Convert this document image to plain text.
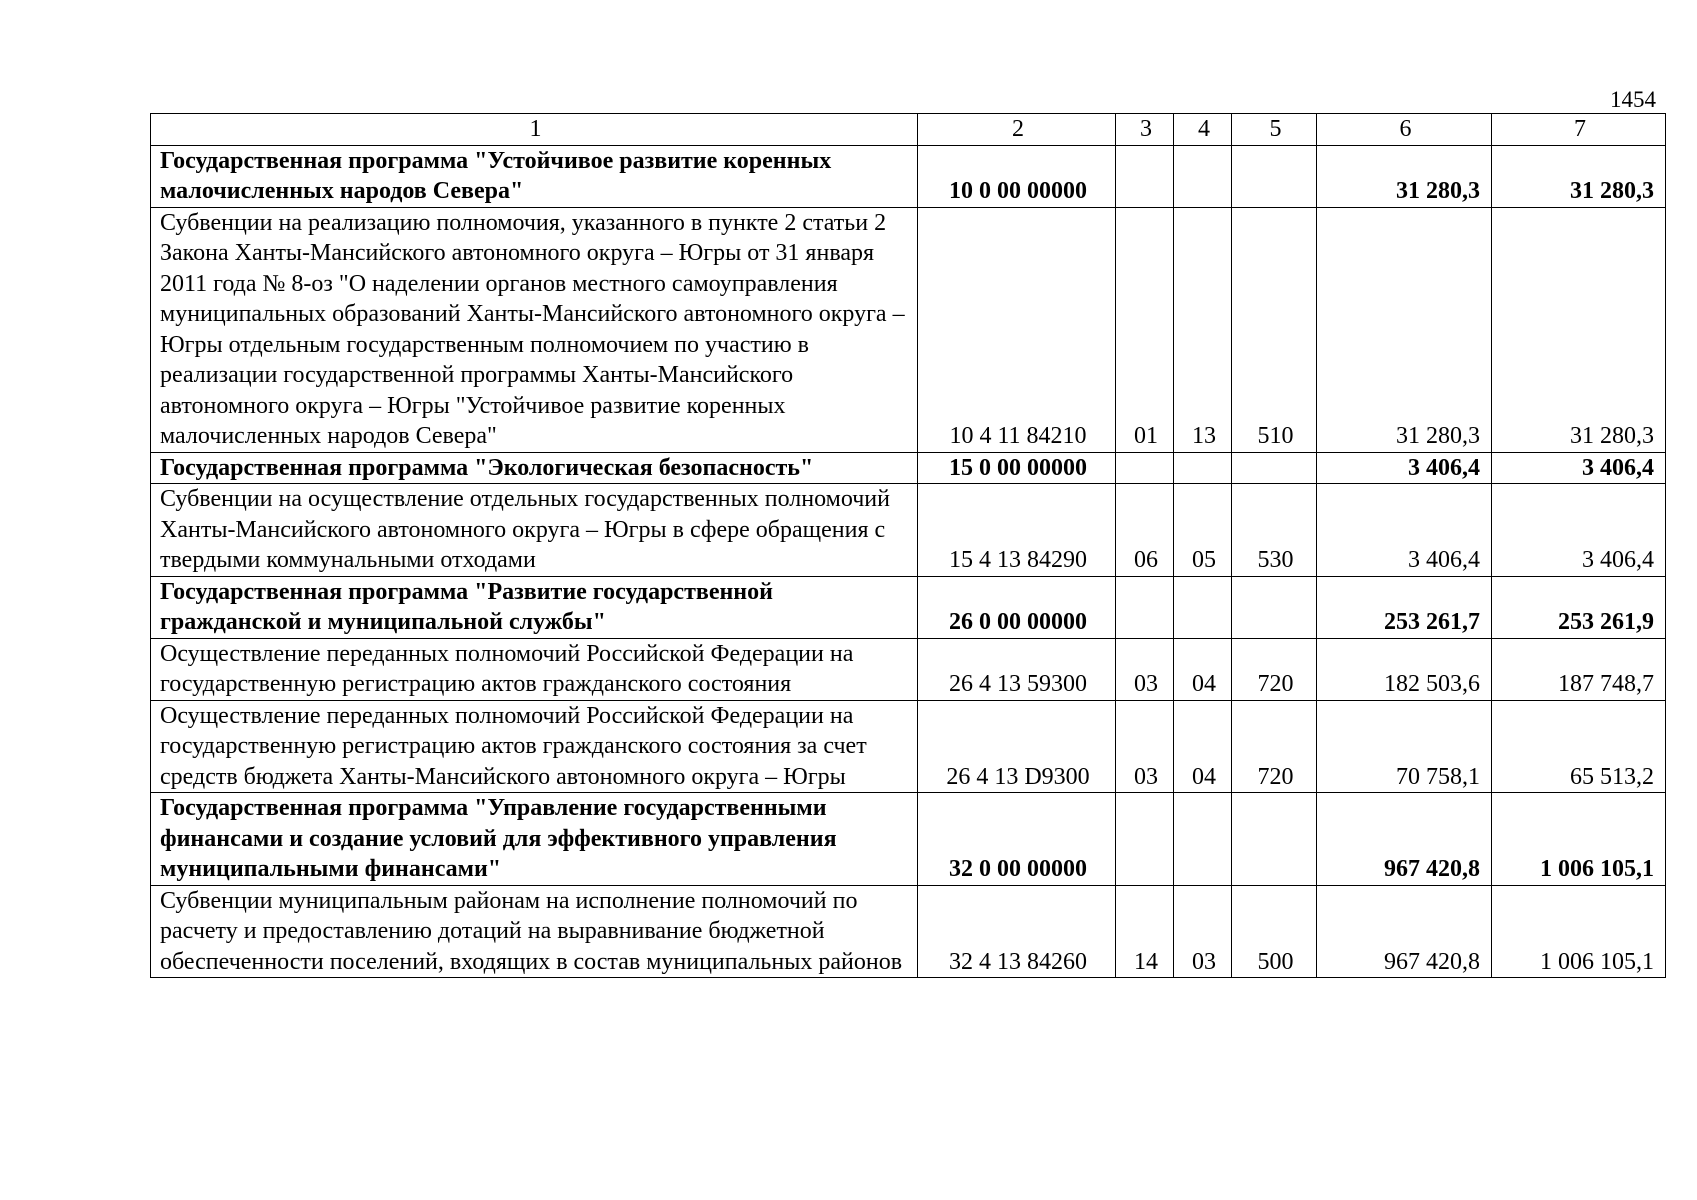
1454
1	2	3	4	5	6	7
Государственная программа "Устойчивое развитие коренных малочисленных народов Севера"	10 0 00 00000				31 280,3	31 280,3
Субвенции на реализацию полномочия, указанного в пункте 2 статьи 2 Закона Ханты-Мансийского автономного округа – Югры от 31 января 2011 года № 8-оз "О наделении органов местного самоуправления муниципальных образований Ханты-Мансийского автономного округа – Югры отдельным государственным полномочием по участию в реализации государственной программы Ханты-Мансийского автономного округа – Югры "Устойчивое развитие коренных малочисленных народов Севера"	10 4 11 84210	01	13	510	31 280,3	31 280,3
Государственная программа "Экологическая безопасность"	15 0 00 00000				3 406,4	3 406,4
Субвенции на осуществление отдельных государственных полномочий Ханты-Мансийского автономного округа – Югры в сфере обращения с твердыми коммунальными отходами	15 4 13 84290	06	05	530	3 406,4	3 406,4
Государственная программа "Развитие государственной гражданской и муниципальной службы"	26 0 00 00000				253 261,7	253 261,9
Осуществление переданных полномочий Российской Федерации на государственную регистрацию актов гражданского состояния	26 4 13 59300	03	04	720	182 503,6	187 748,7
Осуществление переданных полномочий Российской Федерации на государственную регистрацию актов гражданского состояния за счет средств бюджета Ханты-Мансийского автономного округа – Югры	26 4 13 D9300	03	04	720	70 758,1	65 513,2
Государственная программа "Управление государственными финансами и создание условий для эффективного управления муниципальными финансами"	32 0 00 00000				967 420,8	1 006 105,1
Субвенции муниципальным районам на исполнение полномочий по расчету и предоставлению дотаций на выравнивание бюджетной обеспеченности поселений, входящих в состав муниципальных районов	32 4 13 84260	14	03	500	967 420,8	1 006 105,1
